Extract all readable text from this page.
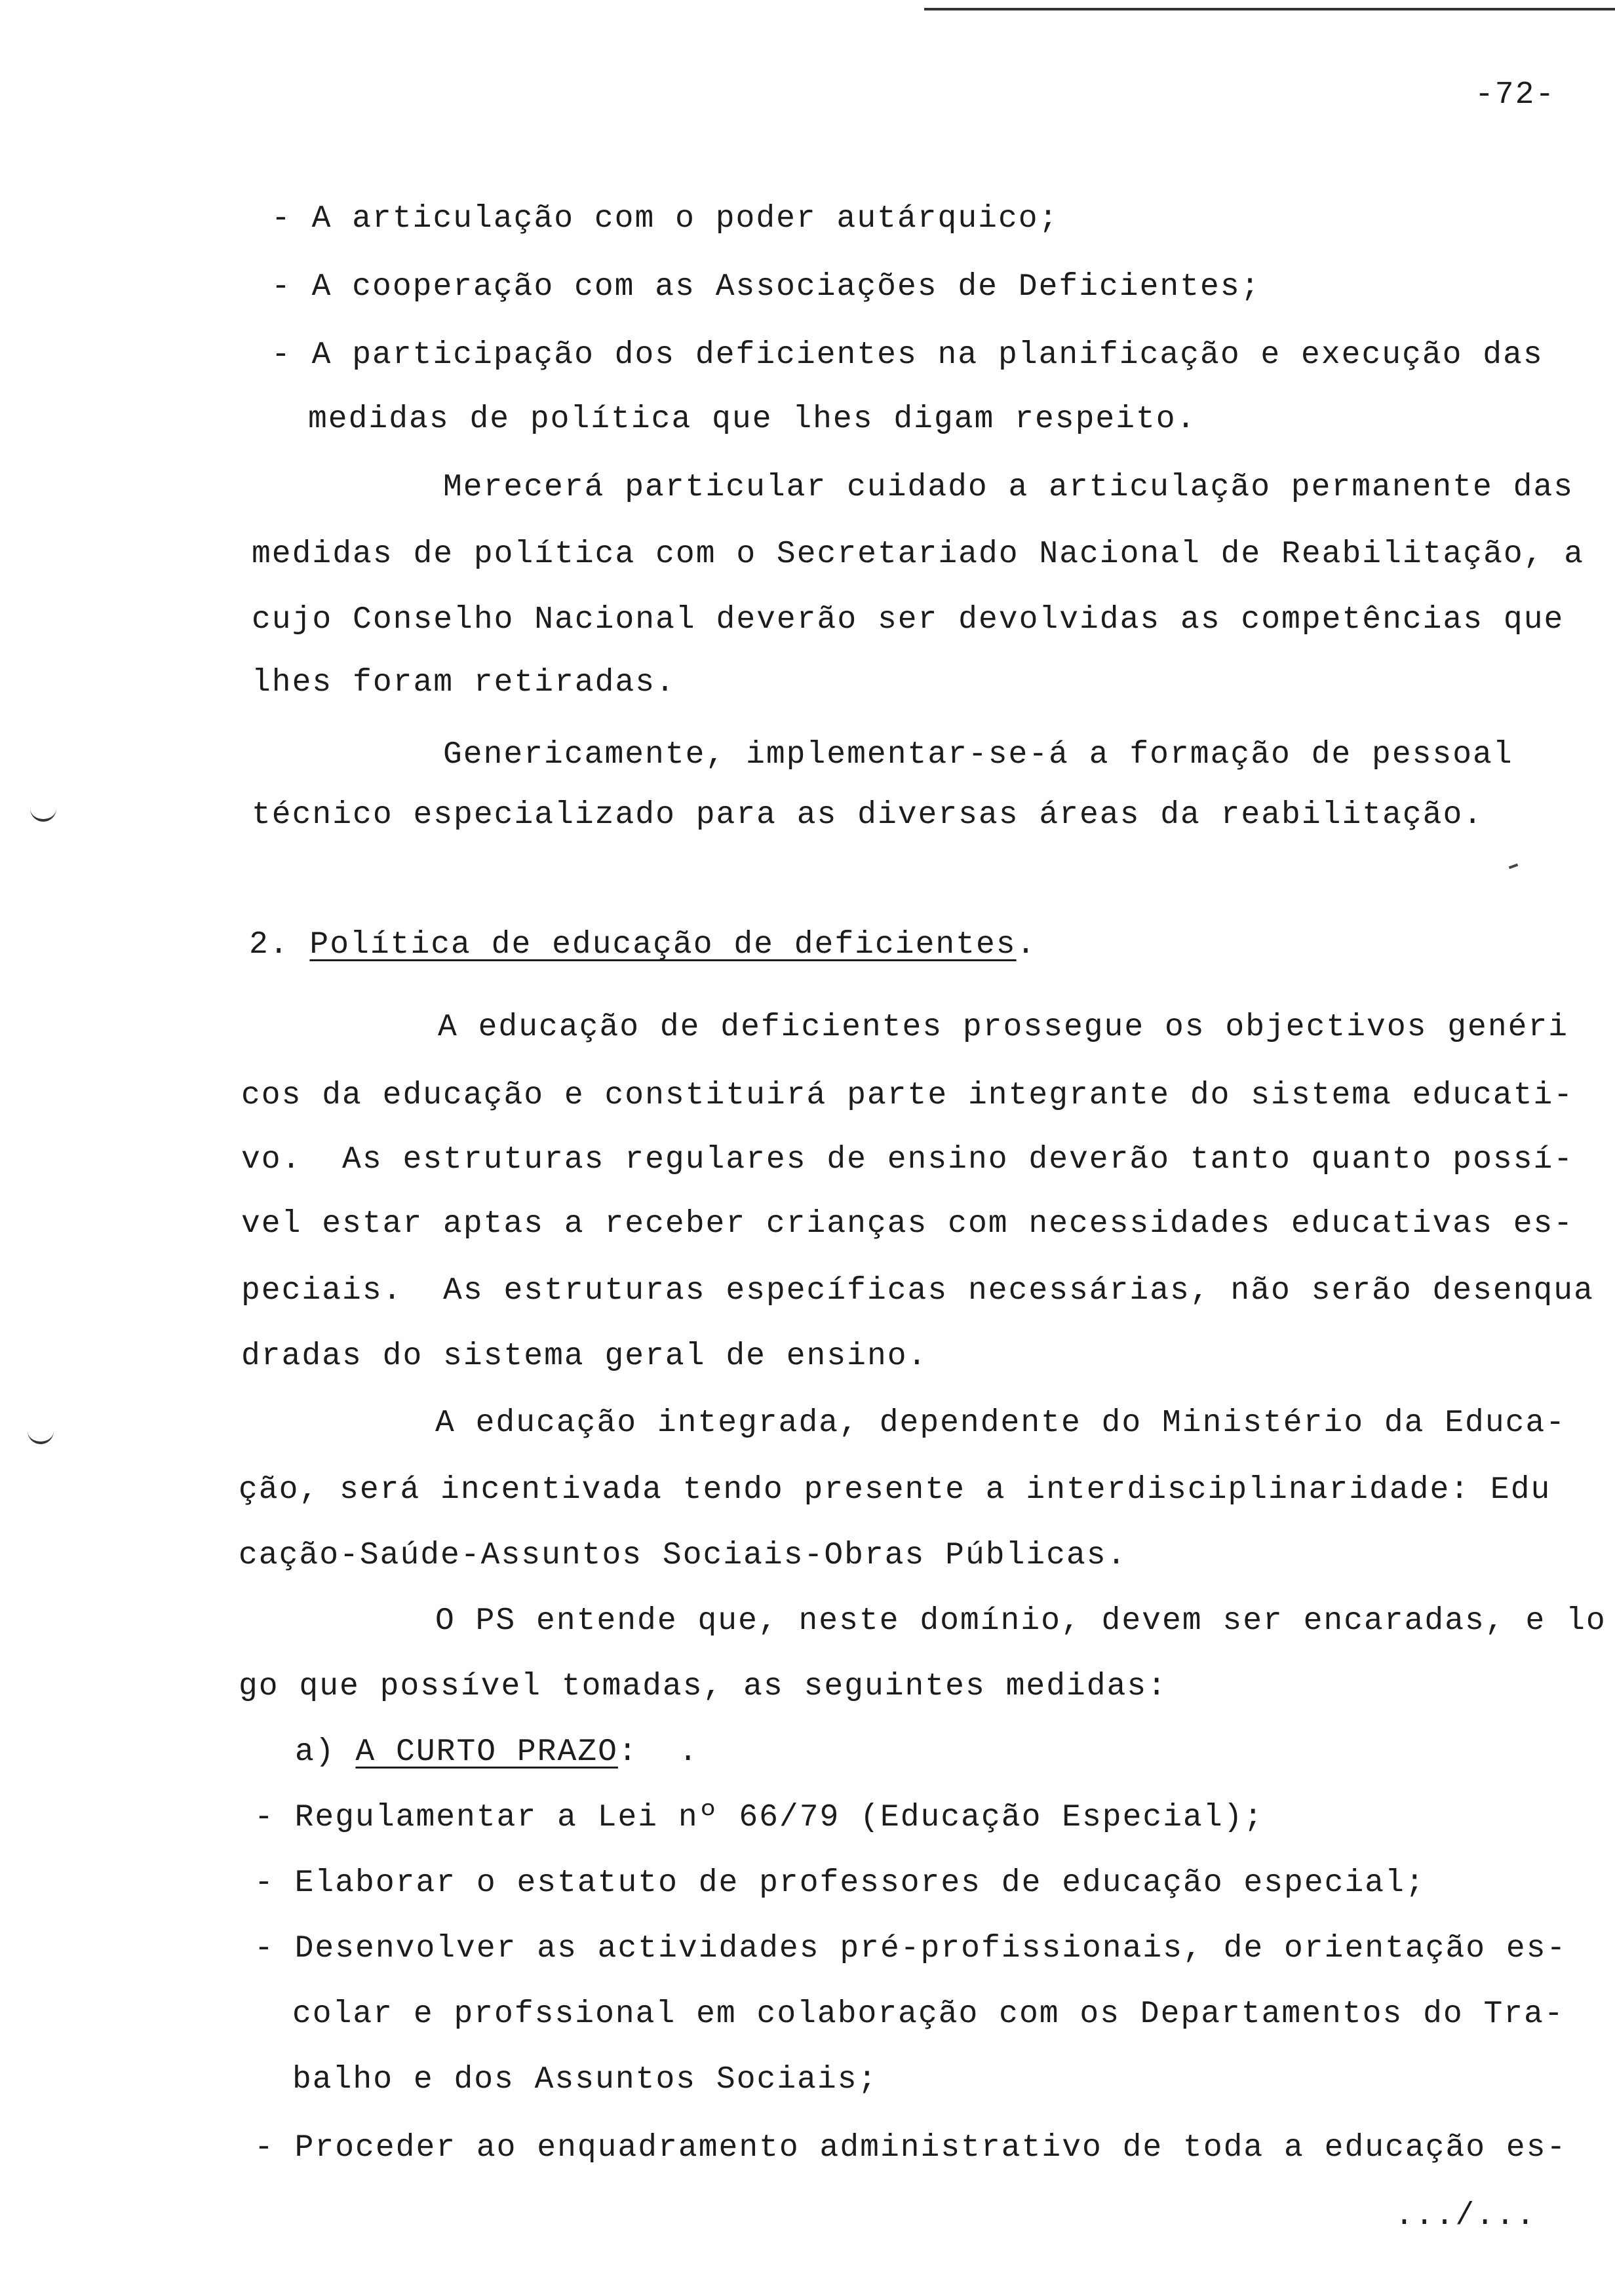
-72-
- A articulação com o poder autárquico;
- A cooperação com as Associações de Deficientes;
- A participação dos deficientes na planificação e execução das
medidas de política que lhes digam respeito.
Merecerá particular cuidado a articulação permanente das
medidas de política com o Secretariado Nacional de Reabilitação, a
cujo Conselho Nacional deverão ser devolvidas as competências que
lhes foram retiradas.
Genericamente, implementar-se-á a formação de pessoal
técnico especializado para as diversas áreas da reabilitação.
2. Política de educação de deficientes.
A educação de deficientes prossegue os objectivos genéri
cos da educação e constituirá parte integrante do sistema educati-
vo.  As estruturas regulares de ensino deverão tanto quanto possí-
vel estar aptas a receber crianças com necessidades educativas es-
peciais.  As estruturas específicas necessárias, não serão desenqua
dradas do sistema geral de ensino.
A educação integrada, dependente do Ministério da Educa-
ção, será incentivada tendo presente a interdisciplinaridade: Edu
cação-Saúde-Assuntos Sociais-Obras Públicas.
O PS entende que, neste domínio, devem ser encaradas, e lo
go que possível tomadas, as seguintes medidas:
a) A CURTO PRAZO:  .
- Regulamentar a Lei nº 66/79 (Educação Especial);
- Elaborar o estatuto de professores de educação especial;
- Desenvolver as actividades pré-profissionais, de orientação es-
colar e profssional em colaboração com os Departamentos do Tra-
balho e dos Assuntos Sociais;
- Proceder ao enquadramento administrativo de toda a educação es-
.../...
